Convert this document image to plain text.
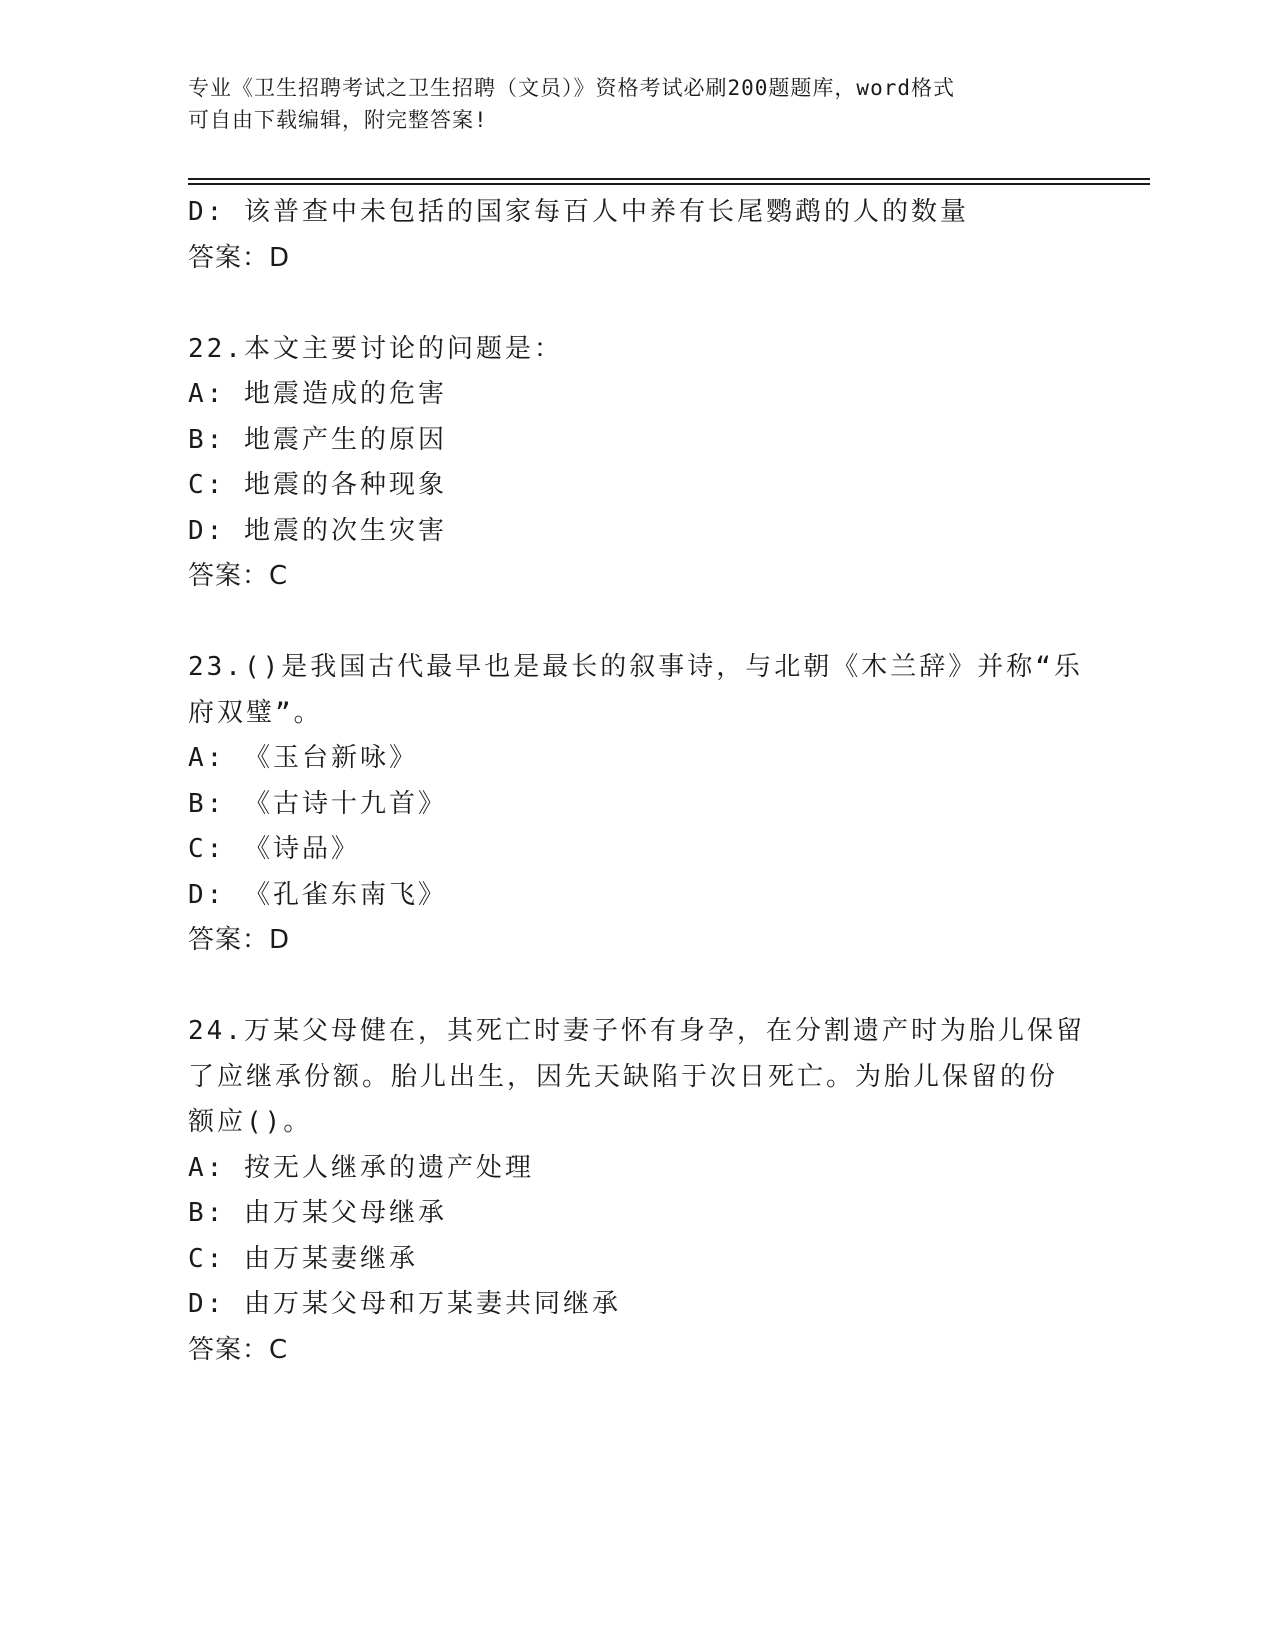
专业《卫生招聘考试之卫生招聘（文员）》资格考试必刷200题题库，word格式
可自由下载编辑，附完整答案!
D: 该普查中未包括的国家每百人中养有长尾鹦鹉的人的数量
答案：D
22.本文主要讨论的问题是：
A: 地震造成的危害
B: 地震产生的原因
C: 地震的各种现象
D: 地震的次生灾害
答案：C
23.()是我国古代最早也是最长的叙事诗，与北朝《木兰辞》并称“乐
府双璧”。
A: 《玉台新咏》
B: 《古诗十九首》
C: 《诗品》
D: 《孔雀东南飞》
答案：D
24.万某父母健在，其死亡时妻子怀有身孕，在分割遗产时为胎儿保留
了应继承份额。胎儿出生，因先天缺陷于次日死亡。为胎儿保留的份
额应()。
A: 按无人继承的遗产处理
B: 由万某父母继承
C: 由万某妻继承
D: 由万某父母和万某妻共同继承
答案：C
